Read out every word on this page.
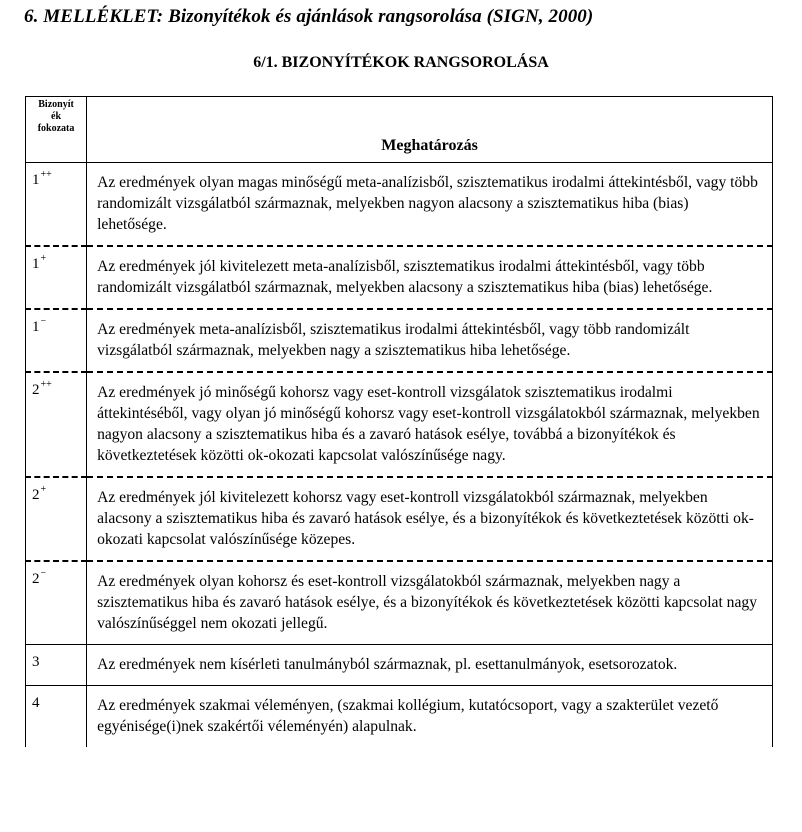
6. MELLÉKLET: Bizonyítékok és ajánlások rangsorolása (SIGN, 2000)
6/1. BIZONYÍTÉKOK RANGSOROLÁSA
Bizonyít
ék
fokozata	Meghatározás
1++	Az eredmények olyan magas minőségű meta-analízisből, szisztematikus irodalmi áttekintésből, vagy több randomizált vizsgálatból származnak, melyekben nagyon alacsony a szisztematikus hiba (bias) lehetősége.
1+	Az eredmények jól kivitelezett meta-analízisből, szisztematikus irodalmi áttekintésből, vagy több randomizált vizsgálatból származnak, melyekben alacsony a szisztematikus hiba (bias) lehetősége.
1−	Az eredmények meta-analízisből, szisztematikus irodalmi áttekintésből, vagy több randomizált vizsgálatból származnak, melyekben nagy a szisztematikus hiba lehetősége.
2++	Az eredmények jó minőségű kohorsz vagy eset-kontroll vizsgálatok szisztematikus irodalmi áttekintéséből, vagy olyan jó minőségű kohorsz vagy eset-kontroll vizsgálatokból származnak, melyekben nagyon alacsony a szisztematikus hiba és a zavaró hatások esélye, továbbá a bizonyítékok és következtetések közötti ok-okozati kapcsolat valószínűsége nagy.
2+	Az eredmények jól kivitelezett kohorsz vagy eset-kontroll vizsgálatokból származnak, melyekben alacsony a szisztematikus hiba és zavaró hatások esélye, és a bizonyítékok és következtetések közötti ok-okozati kapcsolat valószínűsége közepes.
2−	Az eredmények olyan kohorsz és eset-kontroll vizsgálatokból származnak, melyekben nagy a szisztematikus hiba és zavaró hatások esélye, és a bizonyítékok és következtetések közötti kapcsolat nagy valószínűséggel nem okozati jellegű.
3	Az eredmények nem kísérleti tanulmányból származnak, pl. esettanulmányok, esetsorozatok.
4	Az eredmények szakmai véleményen, (szakmai kollégium, kutatócsoport, vagy a szakterület vezető egyénisége(i)nek szakértői véleményén) alapulnak.
